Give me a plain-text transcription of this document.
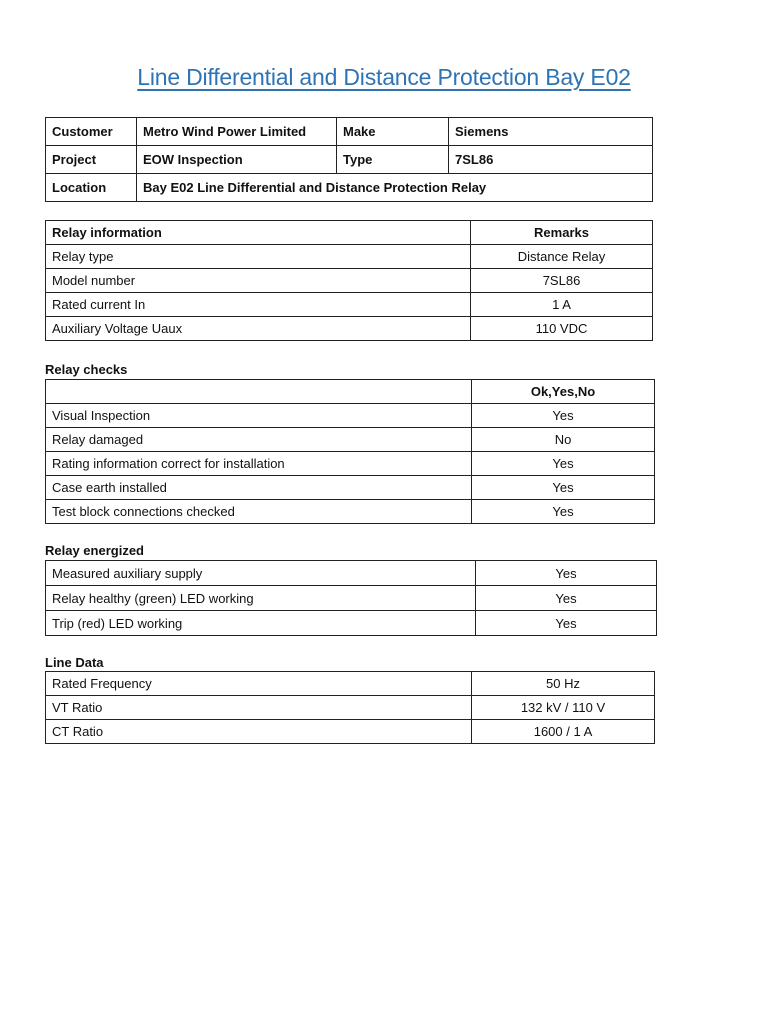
Line Differential and Distance Protection Bay E02
Customer	Metro Wind Power Limited	Make	Siemens
Project	EOW Inspection	Type	7SL86
Location	Bay E02 Line Differential and Distance Protection Relay		
Relay information	Remarks
Relay type	Distance Relay
Model number	7SL86
Rated current In	1 A
Auxiliary Voltage Uaux	110 VDC
Relay checks
	Ok,Yes,No
Visual Inspection	Yes
Relay damaged	No
Rating information correct for installation	Yes
Case earth installed	Yes
Test block connections checked	Yes
Relay energized
Measured auxiliary supply	Yes
Relay healthy (green) LED working	Yes
Trip (red) LED working	Yes
Line Data
Rated Frequency	50 Hz
VT Ratio	132 kV / 110 V
CT Ratio	1600 / 1 A
